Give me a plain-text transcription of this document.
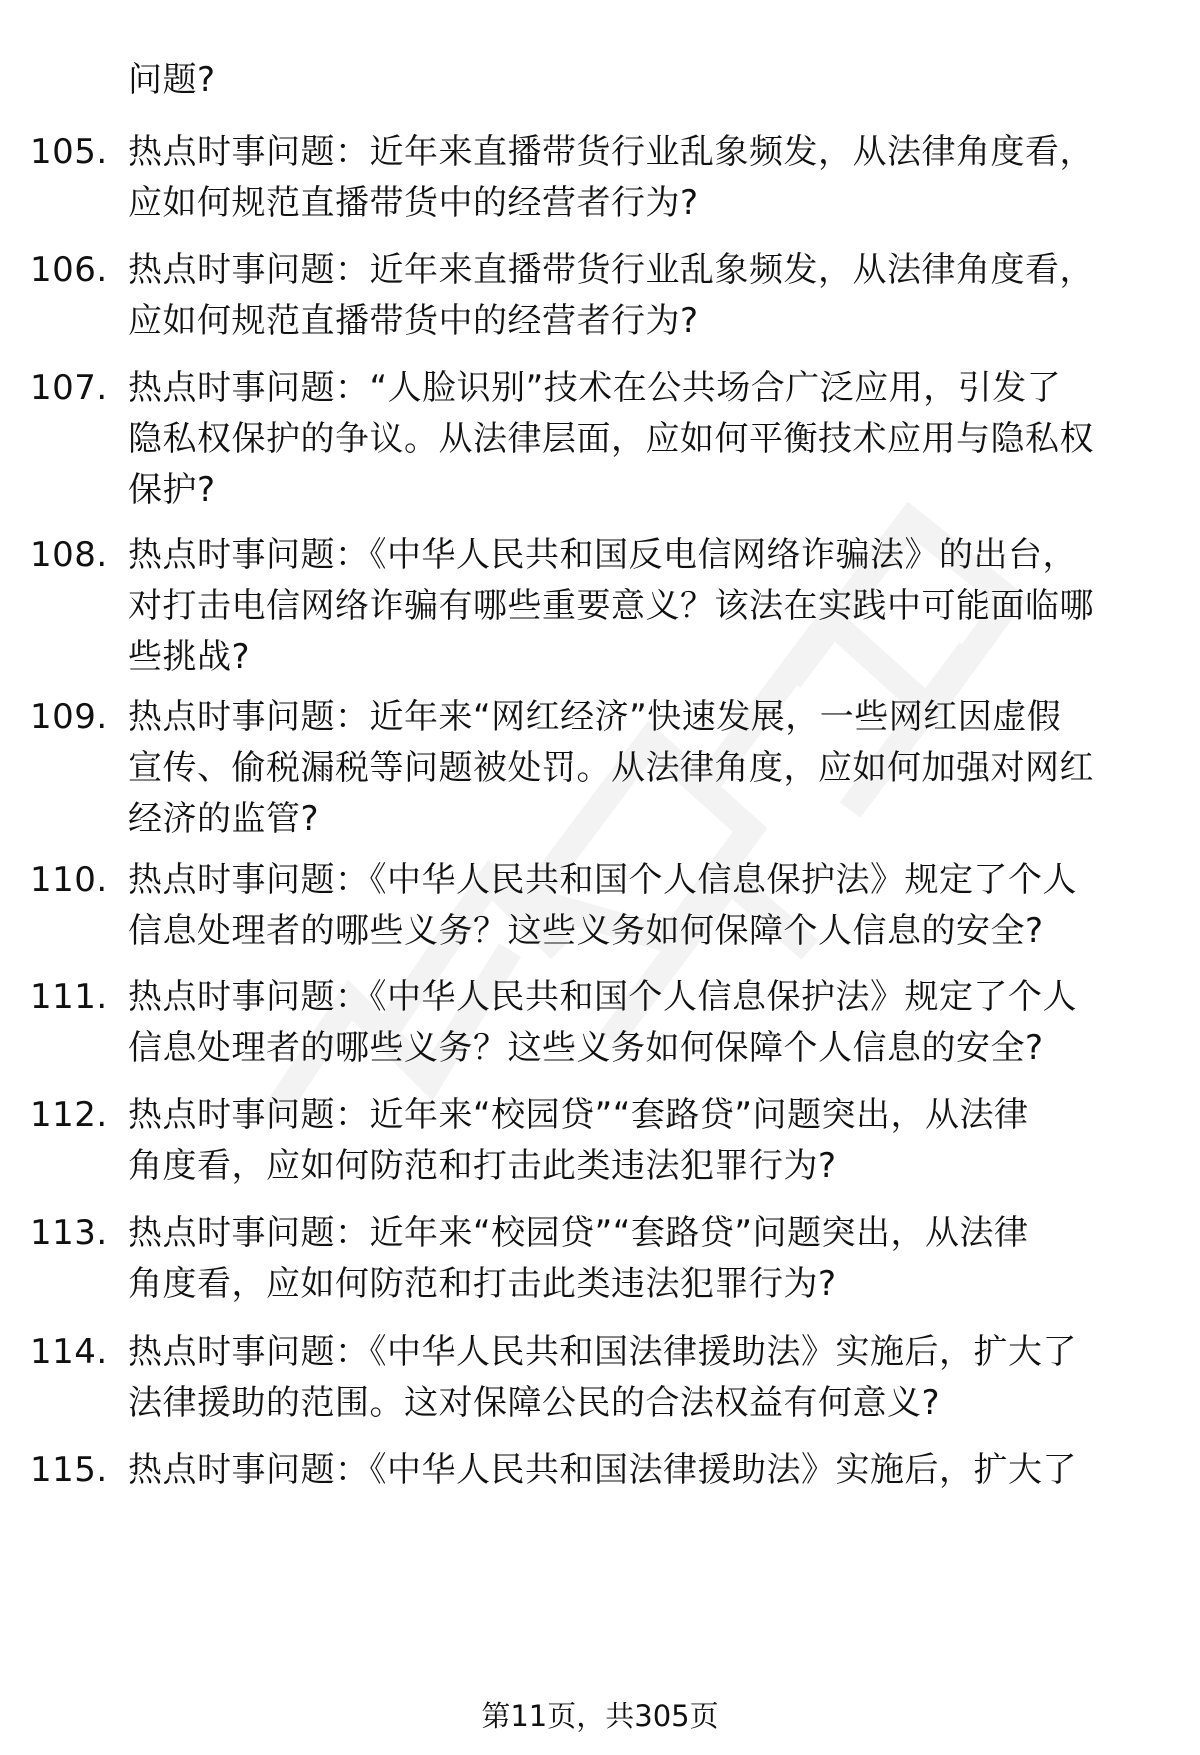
问题?
105. 热点时事问题：近年来直播带货行业乱象频发，从法律角度看，
应如何规范直播带货中的经营者行为?
106. 热点时事问题：近年来直播带货行业乱象频发，从法律角度看，
应如何规范直播带货中的经营者行为?
107. 热点时事问题：“人脸识别”技术在公共场合广泛应用，引发了
隐私权保护的争议。从法律层面，应如何平衡技术应用与隐私权
保护?
108. 热点时事问题：《中华人民共和国反电信网络诈骗法》的出台，
对打击电信网络诈骗有哪些重要意义？该法在实践中可能面临哪
些挑战?
109. 热点时事问题：近年来“网红经济”快速发展，一些网红因虚假
宣传、偷税漏税等问题被处罚。从法律角度，应如何加强对网红
经济的监管?
110. 热点时事问题：《中华人民共和国个人信息保护法》规定了个人
信息处理者的哪些义务？这些义务如何保障个人信息的安全?
111. 热点时事问题：《中华人民共和国个人信息保护法》规定了个人
信息处理者的哪些义务？这些义务如何保障个人信息的安全?
112. 热点时事问题：近年来“校园贷”“套路贷”问题突出，从法律
角度看，应如何防范和打击此类违法犯罪行为?
113. 热点时事问题：近年来“校园贷”“套路贷”问题突出，从法律
角度看，应如何防范和打击此类违法犯罪行为?
114. 热点时事问题：《中华人民共和国法律援助法》实施后，扩大了
法律援助的范围。这对保障公民的合法权益有何意义?
115. 热点时事问题：《中华人民共和国法律援助法》实施后，扩大了
第11页，共305页
